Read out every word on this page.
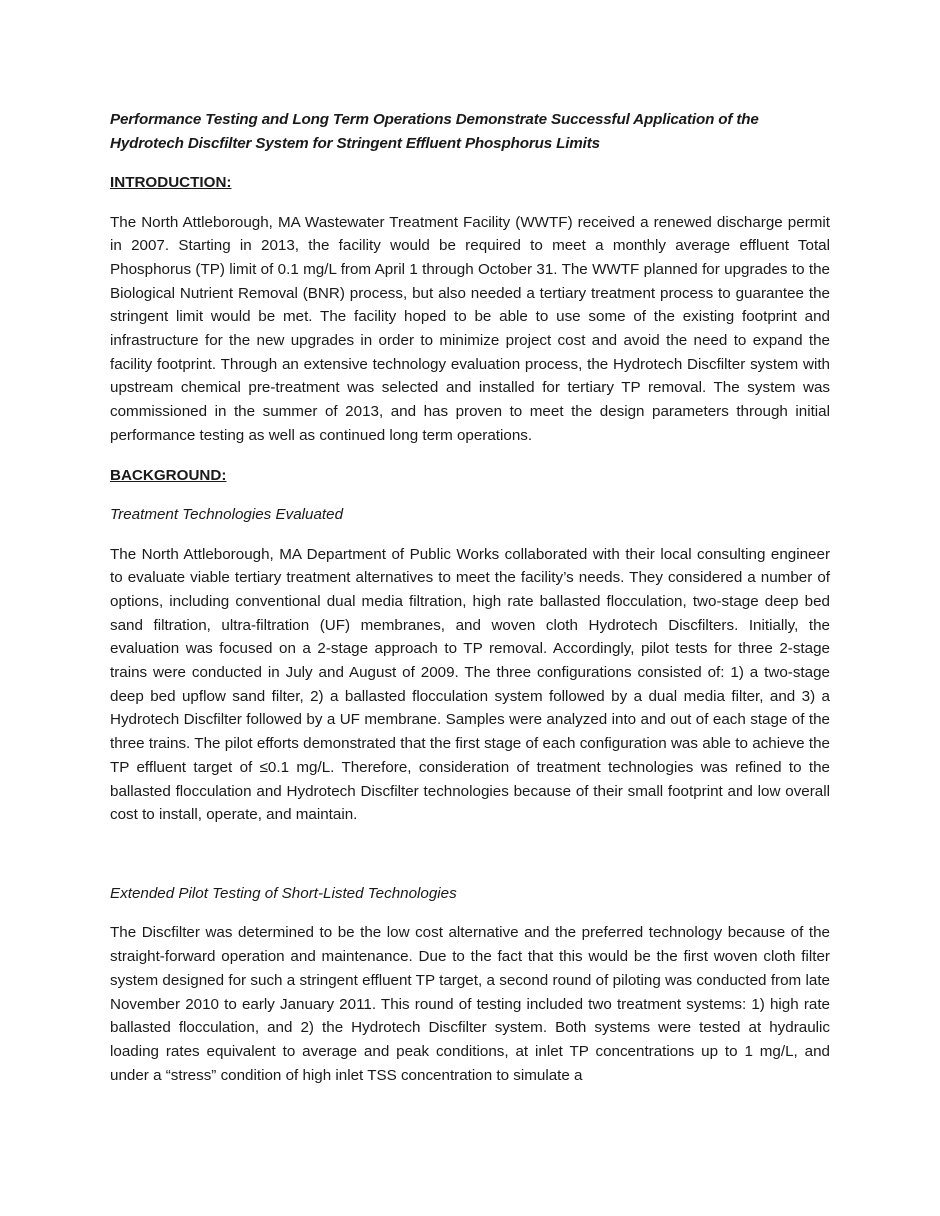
Performance Testing and Long Term Operations Demonstrate Successful Application of the Hydrotech Discfilter System for Stringent Effluent Phosphorus Limits
INTRODUCTION:

The North Attleborough, MA Wastewater Treatment Facility (WWTF) received a renewed discharge permit in 2007. Starting in 2013, the facility would be required to meet a monthly average effluent Total Phosphorus (TP) limit of 0.1 mg/L from April 1 through October 31. The WWTF planned for upgrades to the Biological Nutrient Removal (BNR) process, but also needed a tertiary treatment process to guarantee the stringent limit would be met. The facility hoped to be able to use some of the existing footprint and infrastructure for the new upgrades in order to minimize project cost and avoid the need to expand the facility footprint. Through an extensive technology evaluation process, the Hydrotech Discfilter system with upstream chemical pre-treatment was selected and installed for tertiary TP removal. The system was commissioned in the summer of 2013, and has proven to meet the design parameters through initial performance testing as well as continued long term operations.

BACKGROUND:
Treatment Technologies Evaluated

The North Attleborough, MA Department of Public Works collaborated with their local consulting engineer to evaluate viable tertiary treatment alternatives to meet the facility’s needs. They considered a number of options, including conventional dual media filtration, high rate ballasted flocculation, two-stage deep bed sand filtration, ultra-filtration (UF) membranes, and woven cloth Hydrotech Discfilters. Initially, the evaluation was focused on a 2-stage approach to TP removal. Accordingly, pilot tests for three 2-stage trains were conducted in July and August of 2009. The three configurations consisted of: 1) a two-stage deep bed upflow sand filter, 2) a ballasted flocculation system followed by a dual media filter, and 3) a Hydrotech Discfilter followed by a UF membrane. Samples were analyzed into and out of each stage of the three trains. The pilot efforts demonstrated that the first stage of each configuration was able to achieve the TP effluent target of ≤0.1 mg/L. Therefore, consideration of treatment technologies was refined to the ballasted flocculation and Hydrotech Discfilter technologies because of their small footprint and low overall cost to install, operate, and maintain.

Extended Pilot Testing of Short-Listed Technologies

The Discfilter was determined to be the low cost alternative and the preferred technology because of the straight-forward operation and maintenance. Due to the fact that this would be the first woven cloth filter system designed for such a stringent effluent TP target, a second round of piloting was conducted from late November 2010 to early January 2011. This round of testing included two treatment systems: 1) high rate ballasted flocculation, and 2) the Hydrotech Discfilter system. Both systems were tested at hydraulic loading rates equivalent to average and peak conditions, at inlet TP concentrations up to 1 mg/L, and under a “stress” condition of high inlet TSS concentration to simulate a
